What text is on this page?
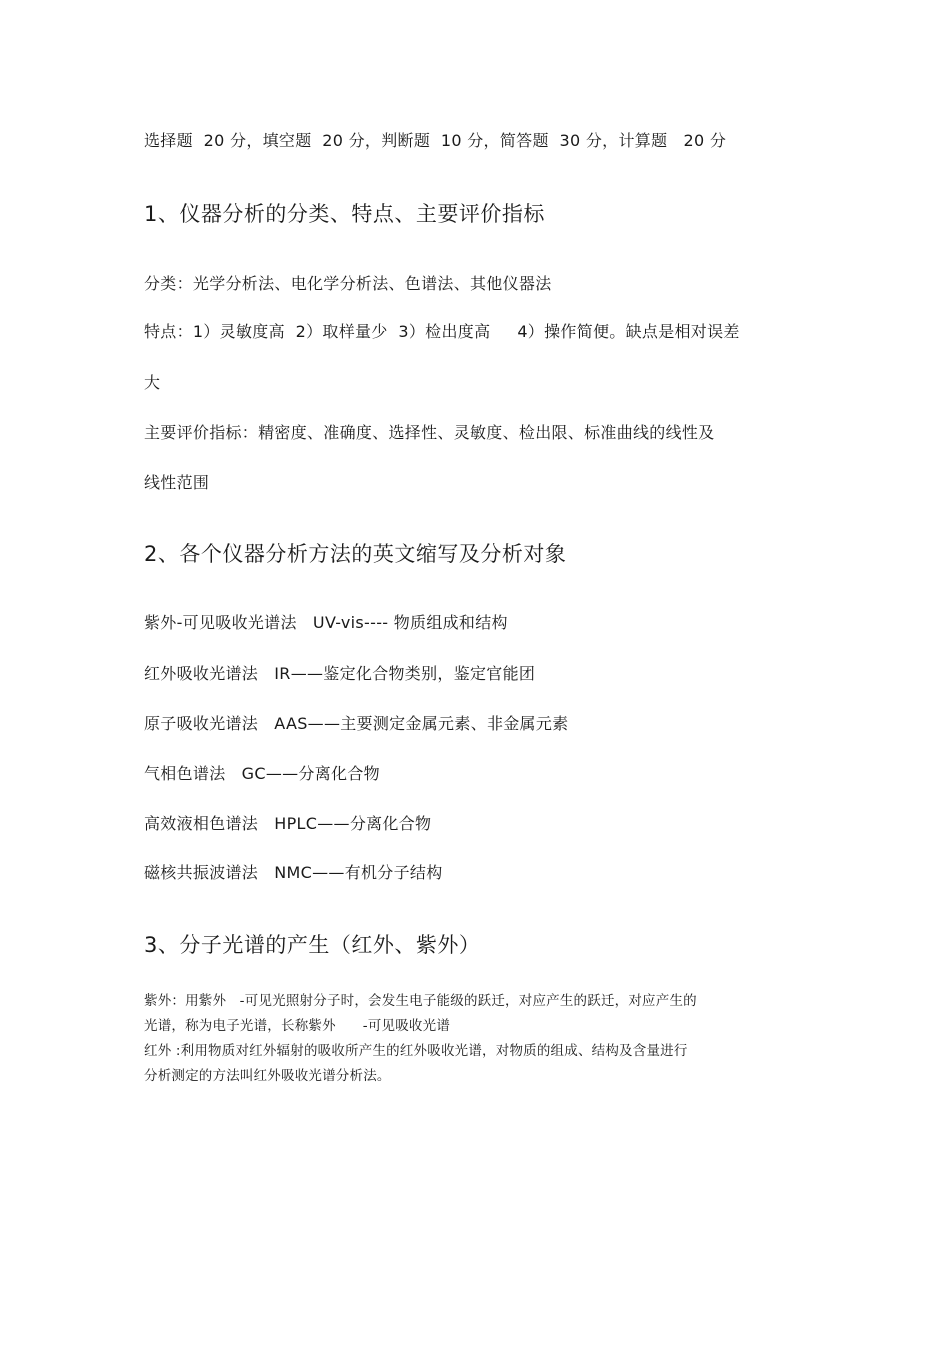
选择题  20 分，填空题  20 分，判断题  10 分，简答题  30 分，计算题   20 分
1、仪器分析的分类、特点、主要评价指标
分类：光学分析法、电化学分析法、色谱法、其他仪器法
特点：1）灵敏度高  2）取样量少  3）检出度高     4）操作简便。缺点是相对误差
大
主要评价指标：精密度、准确度、选择性、灵敏度、检出限、标准曲线的线性及
线性范围
2、各个仪器分析方法的英文缩写及分析对象
紫外-可见吸收光谱法   UV-vis---- 物质组成和结构
红外吸收光谱法   IR——鉴定化合物类别，鉴定官能团
原子吸收光谱法   AAS——主要测定金属元素、非金属元素
气相色谱法   GC——分离化合物
高效液相色谱法   HPLC——分离化合物
磁核共振波谱法   NMC——有机分子结构
3、分子光谱的产生（红外、紫外）
紫外：用紫外   -可见光照射分子时，会发生电子能级的跃迁，对应产生的跃迁，对应产生的
光谱，称为电子光谱，长称紫外      -可见吸收光谱
红外 :利用物质对红外辐射的吸收所产生的红外吸收光谱，对物质的组成、结构及含量进行
分析测定的方法叫红外吸收光谱分析法。
